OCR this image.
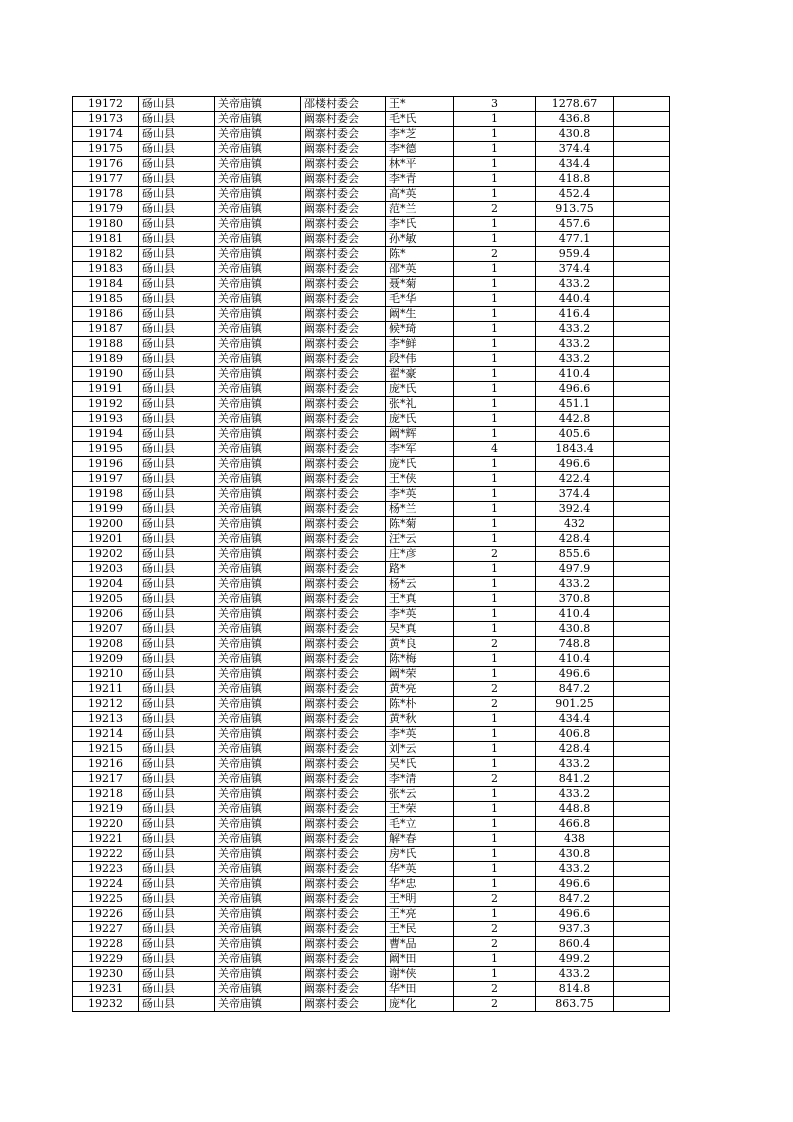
19172	砀山县	关帝庙镇	邵楼村委会	王*	3	1278.67	
19173	砀山县	关帝庙镇	阚寨村委会	毛*氏	1	436.8	
19174	砀山县	关帝庙镇	阚寨村委会	李*芝	1	430.8	
19175	砀山县	关帝庙镇	阚寨村委会	李*德	1	374.4	
19176	砀山县	关帝庙镇	阚寨村委会	林*平	1	434.4	
19177	砀山县	关帝庙镇	阚寨村委会	李*青	1	418.8	
19178	砀山县	关帝庙镇	阚寨村委会	高*英	1	452.4	
19179	砀山县	关帝庙镇	阚寨村委会	范*兰	2	913.75	
19180	砀山县	关帝庙镇	阚寨村委会	李*氏	1	457.6	
19181	砀山县	关帝庙镇	阚寨村委会	孙*敏	1	477.1	
19182	砀山县	关帝庙镇	阚寨村委会	陈*	2	959.4	
19183	砀山县	关帝庙镇	阚寨村委会	邵*英	1	374.4	
19184	砀山县	关帝庙镇	阚寨村委会	聂*菊	1	433.2	
19185	砀山县	关帝庙镇	阚寨村委会	毛*华	1	440.4	
19186	砀山县	关帝庙镇	阚寨村委会	阚*生	1	416.4	
19187	砀山县	关帝庙镇	阚寨村委会	候*琦	1	433.2	
19188	砀山县	关帝庙镇	阚寨村委会	李*鲜	1	433.2	
19189	砀山县	关帝庙镇	阚寨村委会	段*伟	1	433.2	
19190	砀山县	关帝庙镇	阚寨村委会	翟*豪	1	410.4	
19191	砀山县	关帝庙镇	阚寨村委会	庞*氏	1	496.6	
19192	砀山县	关帝庙镇	阚寨村委会	张*礼	1	451.1	
19193	砀山县	关帝庙镇	阚寨村委会	庞*氏	1	442.8	
19194	砀山县	关帝庙镇	阚寨村委会	阚*辉	1	405.6	
19195	砀山县	关帝庙镇	阚寨村委会	李*军	4	1843.4	
19196	砀山县	关帝庙镇	阚寨村委会	庞*氏	1	496.6	
19197	砀山县	关帝庙镇	阚寨村委会	王*侠	1	422.4	
19198	砀山县	关帝庙镇	阚寨村委会	李*英	1	374.4	
19199	砀山县	关帝庙镇	阚寨村委会	杨*兰	1	392.4	
19200	砀山县	关帝庙镇	阚寨村委会	陈*菊	1	432	
19201	砀山县	关帝庙镇	阚寨村委会	汪*云	1	428.4	
19202	砀山县	关帝庙镇	阚寨村委会	庄*彦	2	855.6	
19203	砀山县	关帝庙镇	阚寨村委会	路*	1	497.9	
19204	砀山县	关帝庙镇	阚寨村委会	杨*云	1	433.2	
19205	砀山县	关帝庙镇	阚寨村委会	王*真	1	370.8	
19206	砀山县	关帝庙镇	阚寨村委会	李*英	1	410.4	
19207	砀山县	关帝庙镇	阚寨村委会	吴*真	1	430.8	
19208	砀山县	关帝庙镇	阚寨村委会	黄*良	2	748.8	
19209	砀山县	关帝庙镇	阚寨村委会	陈*梅	1	410.4	
19210	砀山县	关帝庙镇	阚寨村委会	阚*荣	1	496.6	
19211	砀山县	关帝庙镇	阚寨村委会	黄*亮	2	847.2	
19212	砀山县	关帝庙镇	阚寨村委会	陈*朴	2	901.25	
19213	砀山县	关帝庙镇	阚寨村委会	黄*秋	1	434.4	
19214	砀山县	关帝庙镇	阚寨村委会	李*英	1	406.8	
19215	砀山县	关帝庙镇	阚寨村委会	刘*云	1	428.4	
19216	砀山县	关帝庙镇	阚寨村委会	吴*氏	1	433.2	
19217	砀山县	关帝庙镇	阚寨村委会	李*清	2	841.2	
19218	砀山县	关帝庙镇	阚寨村委会	张*云	1	433.2	
19219	砀山县	关帝庙镇	阚寨村委会	王*荣	1	448.8	
19220	砀山县	关帝庙镇	阚寨村委会	毛*立	1	466.8	
19221	砀山县	关帝庙镇	阚寨村委会	解*春	1	438	
19222	砀山县	关帝庙镇	阚寨村委会	房*氏	1	430.8	
19223	砀山县	关帝庙镇	阚寨村委会	华*英	1	433.2	
19224	砀山县	关帝庙镇	阚寨村委会	华*忠	1	496.6	
19225	砀山县	关帝庙镇	阚寨村委会	王*明	2	847.2	
19226	砀山县	关帝庙镇	阚寨村委会	王*亮	1	496.6	
19227	砀山县	关帝庙镇	阚寨村委会	王*民	2	937.3	
19228	砀山县	关帝庙镇	阚寨村委会	曹*品	2	860.4	
19229	砀山县	关帝庙镇	阚寨村委会	阚*田	1	499.2	
19230	砀山县	关帝庙镇	阚寨村委会	谢*侠	1	433.2	
19231	砀山县	关帝庙镇	阚寨村委会	华*田	2	814.8	
19232	砀山县	关帝庙镇	阚寨村委会	庞*化	2	863.75	
